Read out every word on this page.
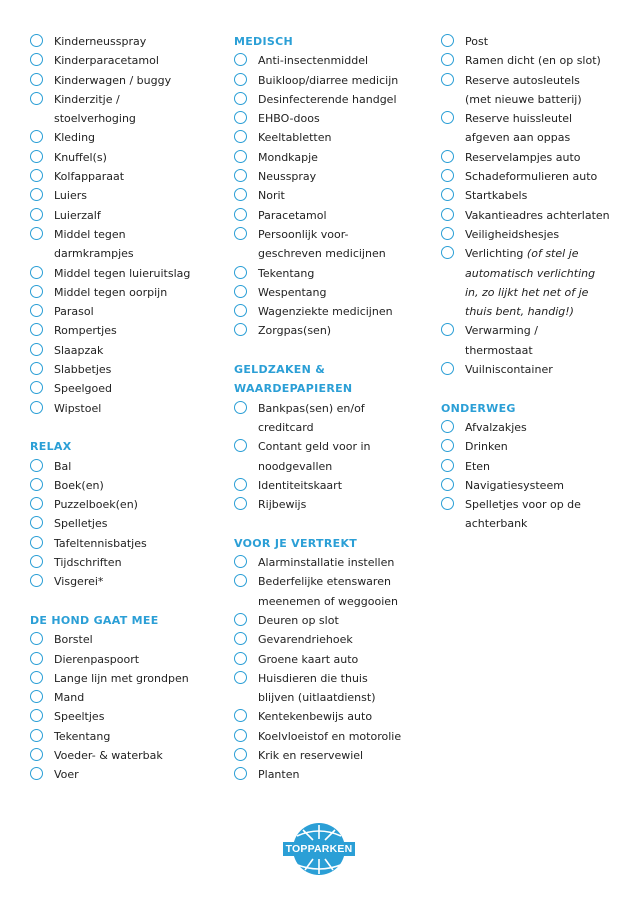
Kinderneusspray
Kinderparacetamol
Kinderwagen / buggy
Kinderzitje /
stoelverhoging
Kleding
Knuffel(s)
Kolfapparaat
Luiers
Luierzalf
Middel tegen
darmkrampjes
Middel tegen luieruitslag
Middel tegen oorpijn
Parasol
Rompertjes
Slaapzak
Slabbetjes
Speelgoed
Wipstoel
RELAX
Bal
Boek(en)
Puzzelboek(en)
Spelletjes
Tafeltennisbatjes
Tijdschriften
Visgerei*
DE HOND GAAT MEE
Borstel
Dierenpaspoort
Lange lijn met grondpen
Mand
Speeltjes
Tekentang
Voeder- & waterbak
Voer
MEDISCH
Anti-insectenmiddel
Buikloop/diarree medicijn
Desinfecterende handgel
EHBO-doos
Keeltabletten
Mondkapje
Neusspray
Norit
Paracetamol
Persoonlijk voor-
geschreven medicijnen
Tekentang
Wespentang
Wagenziekte medicijnen
Zorgpas(sen)
GELDZAKEN &
WAARDEPAPIEREN
Bankpas(sen) en/of
creditcard
Contant geld voor in
noodgevallen
Identiteitskaart
Rijbewijs
VOOR JE VERTREKT
Alarminstallatie instellen
Bederfelijke etenswaren
meenemen of weggooien
Deuren op slot
Gevarendriehoek
Groene kaart auto
Huisdieren die thuis
blijven (uitlaatdienst)
Kentekenbewijs auto
Koelvloeistof en motorolie
Krik en reservewiel
Planten
Post
Ramen dicht (en op slot)
Reserve autosleutels
(met nieuwe batterij)
Reserve huissleutel
afgeven aan oppas
Reservelampjes auto
Schadeformulieren auto
Startkabels
Vakantieadres achterlaten
Veiligheidshesjes
Verlichting (of stel je
automatisch verlichting
in, zo lijkt het net of je
thuis bent, handig!)
Verwarming /
thermostaat
Vuilniscontainer
ONDERWEG
Afvalzakjes
Drinken
Eten
Navigatiesysteem
Spelletjes voor op de
achterbank
TOPPARKEN
